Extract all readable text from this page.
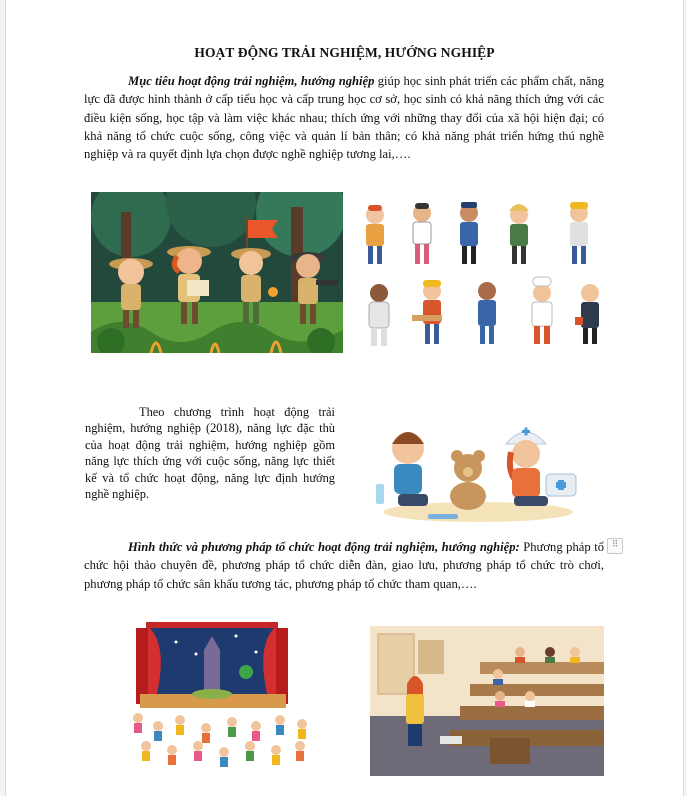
HOẠT ĐỘNG TRẢI NGHIỆM, HƯỚNG NGHIỆP
Mục tiêu hoạt động trải nghiệm, hướng nghiệp giúp học sinh phát triển các phẩm chất, năng lực đã được hình thành ở cấp tiểu học và cấp trung học cơ sở, học sinh có khả năng thích ứng với các điều kiện sống, học tập và làm việc khác nhau; thích ứng với những thay đổi của xã hội hiện đại; có khả năng tổ chức cuộc sống, công việc và quản lí bản thân; có khả năng phát triển hứng thú nghề nghiệp và ra quyết định lựa chọn được nghề nghiệp tương lai,….
Theo chương trình hoạt động trải nghiệm, hướng nghiệp (2018), năng lực đặc thù của hoạt động trải nghiệm, hướng nghiệp gồm năng lực thích ứng với cuộc sống, năng lực thiết kế và tổ chức hoạt động, năng lực định hướng nghề nghiệp.
Hình thức và phương pháp tổ chức hoạt động trải nghiệm, hướng nghiệp: Phương pháp tổ chức hội thảo chuyên đề, phương pháp tổ chức diễn đàn, giao lưu, phương pháp tổ chức trò chơi, phương pháp tổ chức sân khấu tương tác, phương pháp tổ chức tham quan,….
⠿
